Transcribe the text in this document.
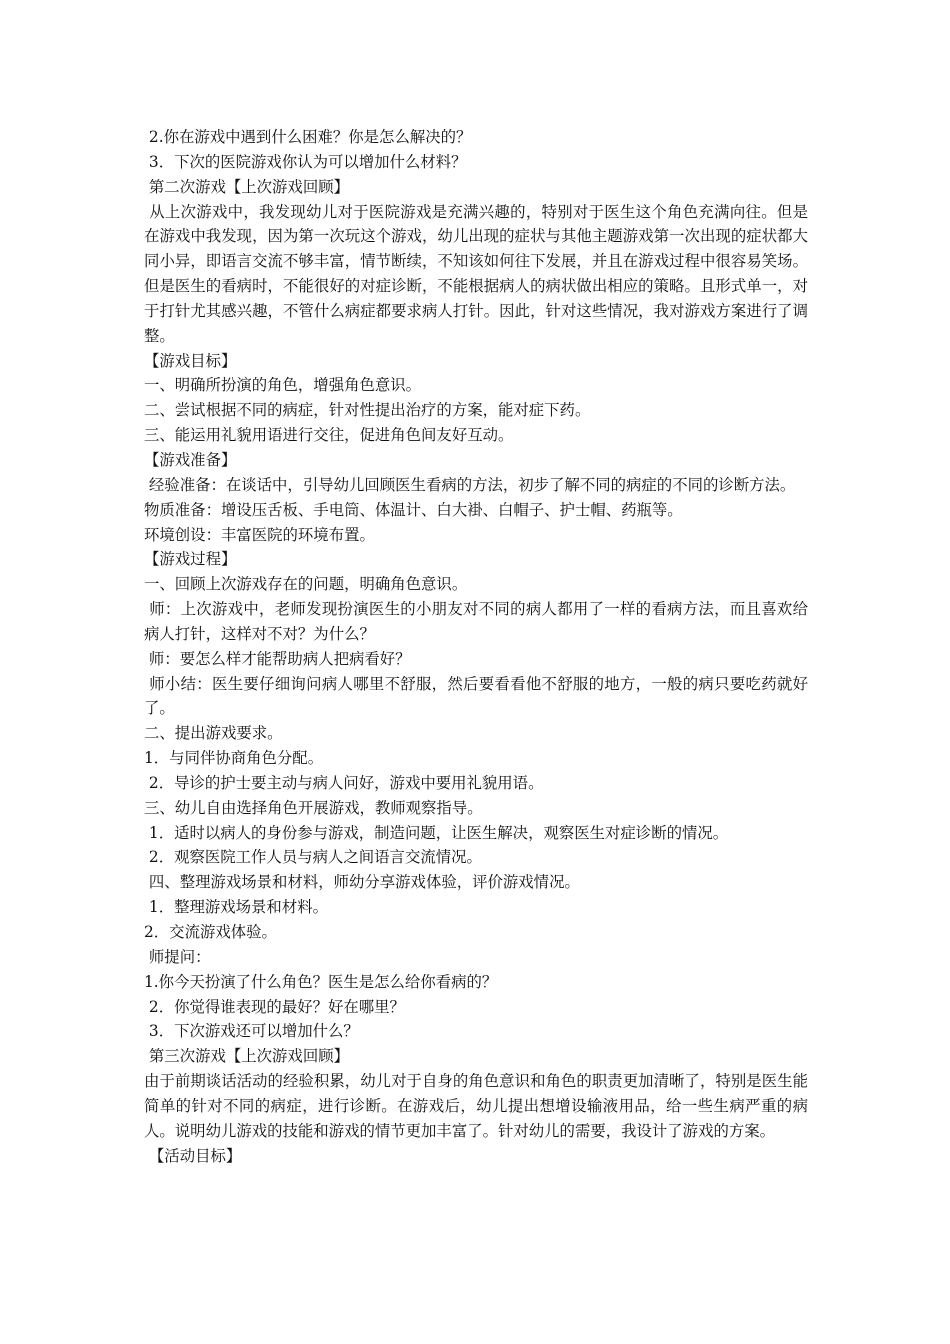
2.你在游戏中遇到什么困难？你是怎么解决的？

3．下次的医院游戏你认为可以增加什么材料？

第二次游戏【上次游戏回顾】

从上次游戏中，我发现幼儿对于医院游戏是充满兴趣的，特别对于医生这个角色充满向往。但是在游戏中我发现，因为第一次玩这个游戏，幼儿出现的症状与其他主题游戏第一次出现的症状都大同小异，即语言交流不够丰富，情节断续，不知该如何往下发展，并且在游戏过程中很容易笑场。但是医生的看病时，不能很好的对症诊断，不能根据病人的病状做出相应的策略。且形式单一，对于打针尤其感兴趣，不管什么病症都要求病人打针。因此，针对这些情况，我对游戏方案进行了调整。

【游戏目标】

一、明确所扮演的角色，增强角色意识。

二、尝试根据不同的病症，针对性提出治疗的方案，能对症下药。

三、能运用礼貌用语进行交往，促进角色间友好互动。

【游戏准备】

经验准备：在谈话中，引导幼儿回顾医生看病的方法，初步了解不同的病症的不同的诊断方法。

物质准备：增设压舌板、手电筒、体温计、白大褂、白帽子、护士帽、药瓶等。

环境创设：丰富医院的环境布置。

【游戏过程】

一、回顾上次游戏存在的问题，明确角色意识。

师：上次游戏中，老师发现扮演医生的小朋友对不同的病人都用了一样的看病方法，而且喜欢给病人打针，这样对不对？为什么？

师：要怎么样才能帮助病人把病看好？

师小结：医生要仔细询问病人哪里不舒服，然后要看看他不舒服的地方，一般的病只要吃药就好了。

二、提出游戏要求。

1．与同伴协商角色分配。

2．导诊的护士要主动与病人问好，游戏中要用礼貌用语。

三、幼儿自由选择角色开展游戏，教师观察指导。

1．适时以病人的身份参与游戏，制造问题，让医生解决，观察医生对症诊断的情况。

2．观察医院工作人员与病人之间语言交流情况。

四、整理游戏场景和材料，师幼分享游戏体验，评价游戏情况。

1．整理游戏场景和材料。

2．交流游戏体验。

师提问：

1.你今天扮演了什么角色？医生是怎么给你看病的？

2．你觉得谁表现的最好？好在哪里？

3．下次游戏还可以增加什么？

第三次游戏【上次游戏回顾】

由于前期谈话活动的经验积累，幼儿对于自身的角色意识和角色的职责更加清晰了，特别是医生能简单的针对不同的病症，进行诊断。在游戏后，幼儿提出想增设输液用品，给一些生病严重的病人。说明幼儿游戏的技能和游戏的情节更加丰富了。针对幼儿的需要，我设计了游戏的方案。

【活动目标】
